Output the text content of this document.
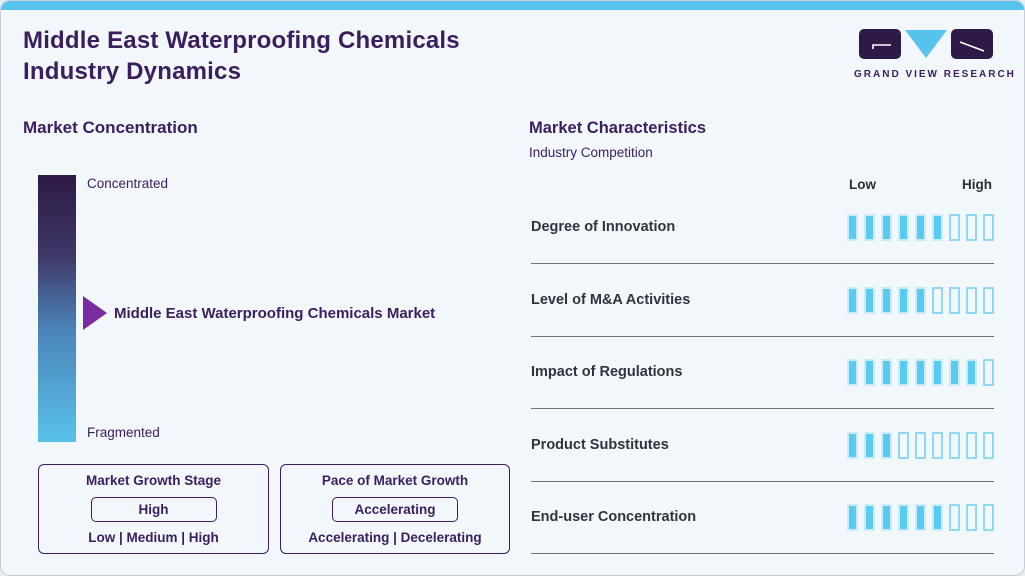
Middle East Waterproofing Chemicals
Industry Dynamics	GRAND VIEW RESEARCH
Market Concentration
Concentrated
Fragmented
Middle East Waterproofing Chemicals Market
Market Growth Stage
High
Low | Medium | High
Pace of Market Growth
Accelerating
Accelerating | Decelerating
Market Characteristics
Industry Competition
Low	High
Degree of Innovation
Level of M&A Activities
Impact of Regulations
Product Substitutes
End-user Concentration
